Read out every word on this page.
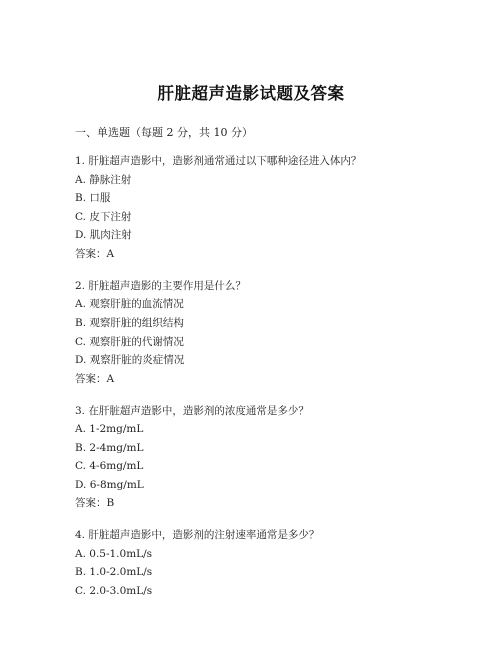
肝脏超声造影试题及答案
一、单选题（每题 2 分，共 10 分）
1. 肝脏超声造影中，造影剂通常通过以下哪种途径进入体内？
A. 静脉注射
B. 口服
C. 皮下注射
D. 肌肉注射
答案：A
2. 肝脏超声造影的主要作用是什么？
A. 观察肝脏的血流情况
B. 观察肝脏的组织结构
C. 观察肝脏的代谢情况
D. 观察肝脏的炎症情况
答案：A
3. 在肝脏超声造影中，造影剂的浓度通常是多少？
A. 1-2mg/mL
B. 2-4mg/mL
C. 4-6mg/mL
D. 6-8mg/mL
答案：B
4. 肝脏超声造影中，造影剂的注射速率通常是多少？
A. 0.5-1.0mL/s
B. 1.0-2.0mL/s
C. 2.0-3.0mL/s
